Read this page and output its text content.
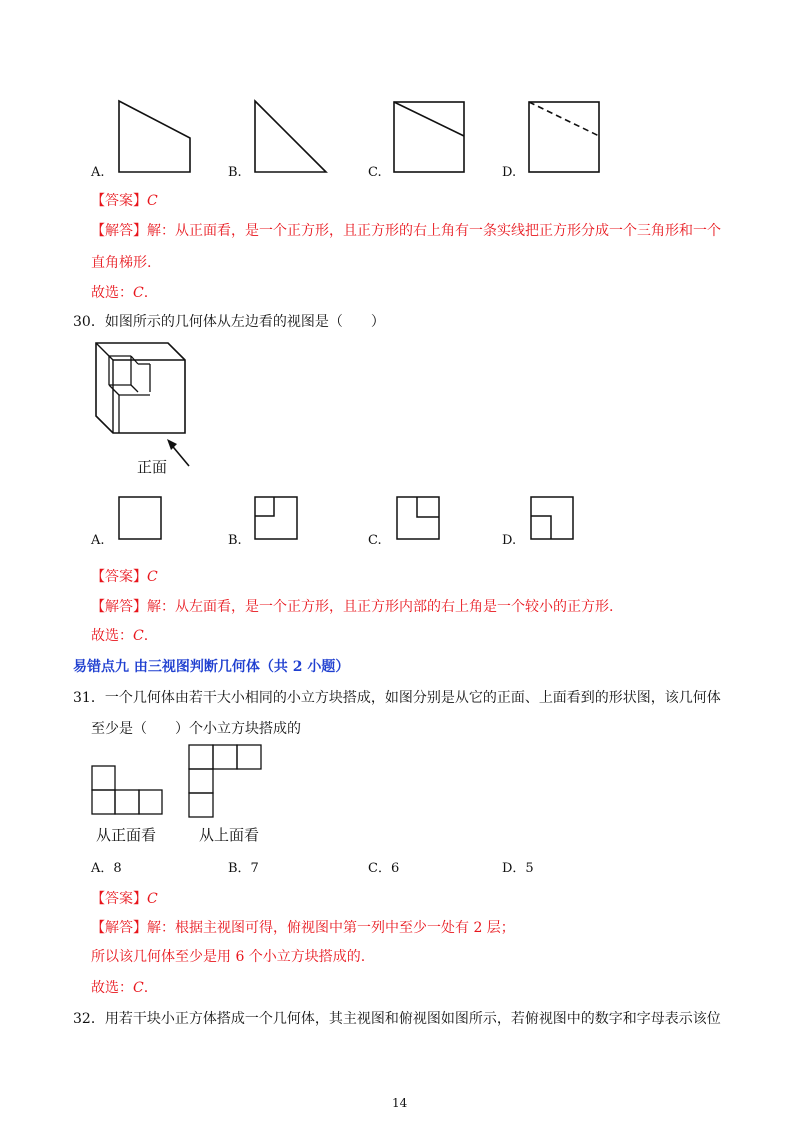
A.	B.	C.	D.
【答案】C
【解答】解：从正面看，是一个正方形，且正方形的右上角有一条实线把正方形分成一个三角形和一个
直角梯形.
故选：C.
30．如图所示的几何体从左边看的视图是（　　）
正面
A.	B.	C.	D.
【答案】C
【解答】解：从左面看，是一个正方形，且正方形内部的右上角是一个较小的正方形.
故选：C.
易错点九 由三视图判断几何体（共 2 小题）
31．一个几何体由若干大小相同的小立方块搭成，如图分别是从它的正面、上面看到的形状图，该几何体
至少是（　　）个小立方块搭成的
从正面看	从上面看
A．8	B．7	C．6	D．5
【答案】C
【解答】解：根据主视图可得，俯视图中第一列中至少一处有 2 层；
所以该几何体至少是用 6 个小立方块搭成的.
故选：C.
32．用若干块小正方体搭成一个几何体，其主视图和俯视图如图所示，若俯视图中的数字和字母表示该位
14
